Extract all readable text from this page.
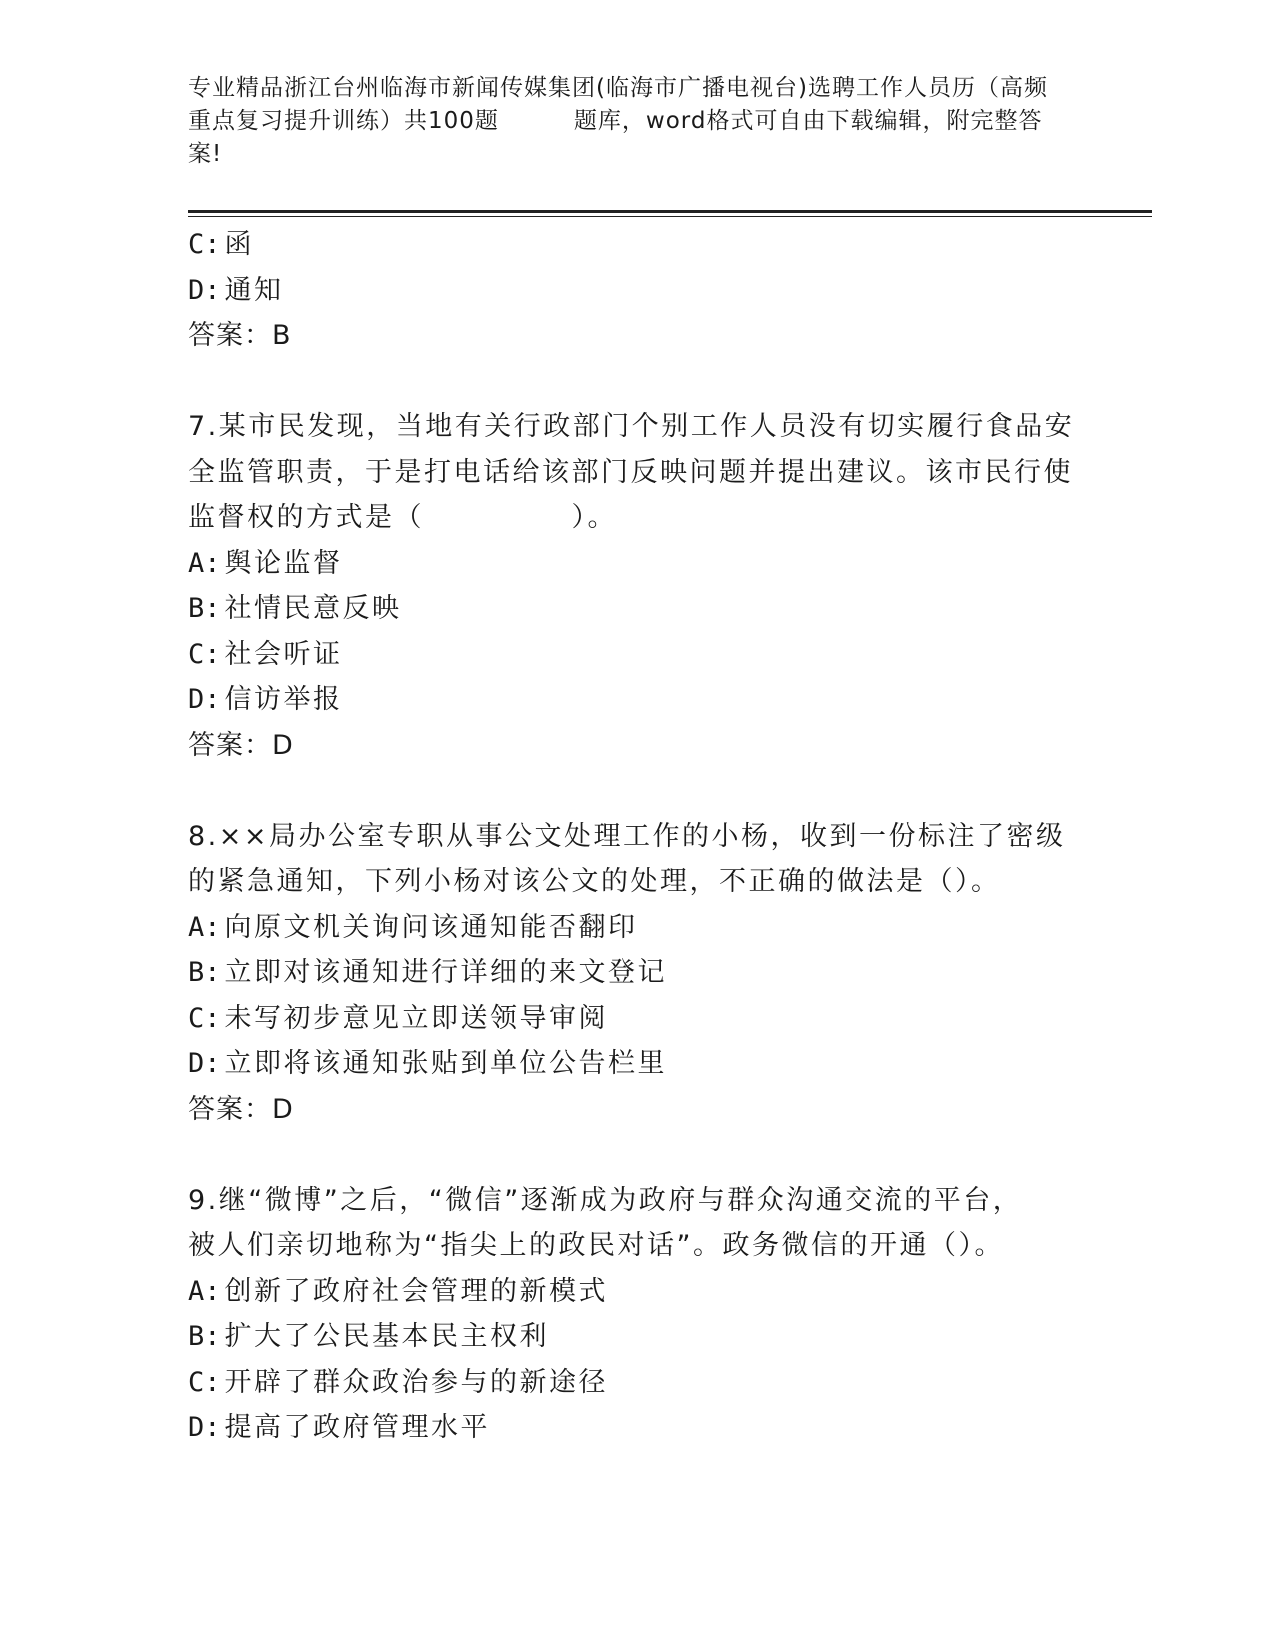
专业精品浙江台州临海市新闻传媒集团(临海市广播电视台)选聘工作人员历（高频
重点复习提升训练）共100题	题库，word格式可自由下载编辑，附完整答
案!
C: 函
D: 通知
答案：B
7.某市民发现，当地有关行政部门个别工作人员没有切实履行食品安
全监管职责，于是打电话给该部门反映问题并提出建议。该市民行使
监督权的方式是（　　　　　）。
A: 舆论监督
B: 社情民意反映
C: 社会听证
D: 信访举报
答案：D
8.××局办公室专职从事公文处理工作的小杨，收到一份标注了密级
的紧急通知，下列小杨对该公文的处理，不正确的做法是（）。
A: 向原文机关询问该通知能否翻印
B: 立即对该通知进行详细的来文登记
C: 未写初步意见立即送领导审阅
D: 立即将该通知张贴到单位公告栏里
答案：D
9.继“微博”之后，“微信”逐渐成为政府与群众沟通交流的平台，
被人们亲切地称为“指尖上的政民对话”。政务微信的开通（）。
A: 创新了政府社会管理的新模式
B: 扩大了公民基本民主权利
C: 开辟了群众政治参与的新途径
D: 提高了政府管理水平
